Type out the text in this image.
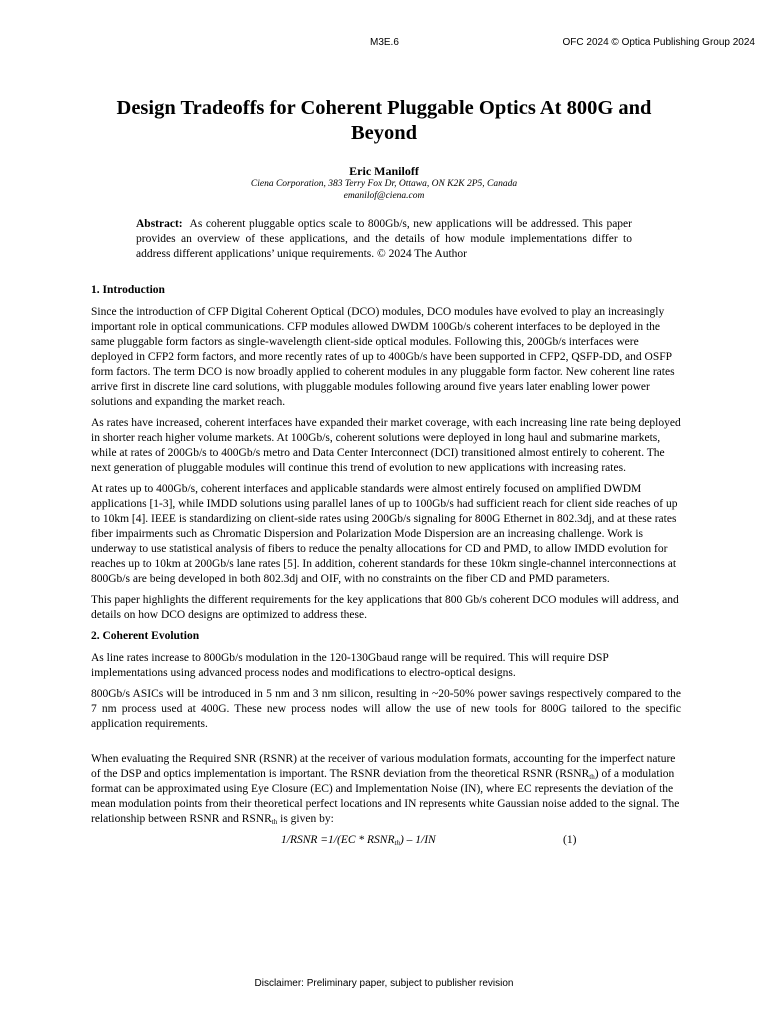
M3E.6	OFC 2024 © Optica Publishing Group 2024
Design Tradeoffs for Coherent Pluggable Optics At 800G and Beyond
Eric Maniloff
Ciena Corporation, 383 Terry Fox Dr, Ottawa, ON K2K 2P5, Canada
emanilof@ciena.com

Abstract: As coherent pluggable optics scale to 800Gb/s, new applications will be addressed. This paper provides an overview of these applications, and the details of how module implementations differ to address different applications’ unique requirements. © 2024 The Author

1. Introduction

Since the introduction of CFP Digital Coherent Optical (DCO) modules, DCO modules have evolved to play an increasingly important role in optical communications. CFP modules allowed DWDM 100Gb/s coherent interfaces to be deployed in the same pluggable form factors as single-wavelength client-side optical modules. Following this, 200Gb/s interfaces were deployed in CFP2 form factors, and more recently rates of up to 400Gb/s have been supported in CFP2, QSFP-DD, and OSFP form factors. The term DCO is now broadly applied to coherent modules in any pluggable form factor. New coherent line rates arrive first in discrete line card solutions, with pluggable modules following around five years later enabling lower power solutions and expanding the market reach.

As rates have increased, coherent interfaces have expanded their market coverage, with each increasing line rate being deployed in shorter reach higher volume markets. At 100Gb/s, coherent solutions were deployed in long haul and submarine markets, while at rates of 200Gb/s to 400Gb/s metro and Data Center Interconnect (DCI) transitioned almost entirely to coherent. The next generation of pluggable modules will continue this trend of evolution to new applications with increasing rates.

At rates up to 400Gb/s, coherent interfaces and applicable standards were almost entirely focused on amplified DWDM applications [1-3], while IMDD solutions using parallel lanes of up to 100Gb/s had sufficient reach for client side reaches of up to 10km [4]. IEEE is standardizing on client-side rates using 200Gb/s signaling for 800G Ethernet in 802.3dj, and at these rates fiber impairments such as Chromatic Dispersion and Polarization Mode Dispersion are an increasing challenge. Work is underway to use statistical analysis of fibers to reduce the penalty allocations for CD and PMD, to allow IMDD evolution for reaches up to 10km at 200Gb/s lane rates [5]. In addition, coherent standards for these 10km single-channel interconnections at 800Gb/s are being developed in both 802.3dj and OIF, with no constraints on the fiber CD and PMD parameters.

This paper highlights the different requirements for the key applications that 800 Gb/s coherent DCO modules will address, and details on how DCO designs are optimized to address these.

2. Coherent Evolution

As line rates increase to 800Gb/s modulation in the 120-130Gbaud range will be required. This will require DSP implementations using advanced process nodes and modifications to electro-optical designs.

800Gb/s ASICs will be introduced in 5 nm and 3 nm silicon, resulting in ~20-50% power savings respectively compared to the 7 nm process used at 400G. These new process nodes will allow the use of new tools for 800G tailored to the specific application requirements.

When evaluating the Required SNR (RSNR) at the receiver of various modulation formats, accounting for the imperfect nature of the DSP and optics implementation is important. The RSNR deviation from the theoretical RSNR $(RSNR_{th})$ of a modulation format can be approximated using Eye Closure (EC) and Implementation Noise (IN), where EC represents the deviation of the mean modulation points from their theoretical perfect locations and IN represents white Gaussian noise added to the signal. The relationship between RSNR and $RSNR_{th}$ is given by:

1/RSNR $=1/(EC * RSNR_{th}) - 1/IN$	(1)
Disclaimer: Preliminary paper, subject to publisher revision
